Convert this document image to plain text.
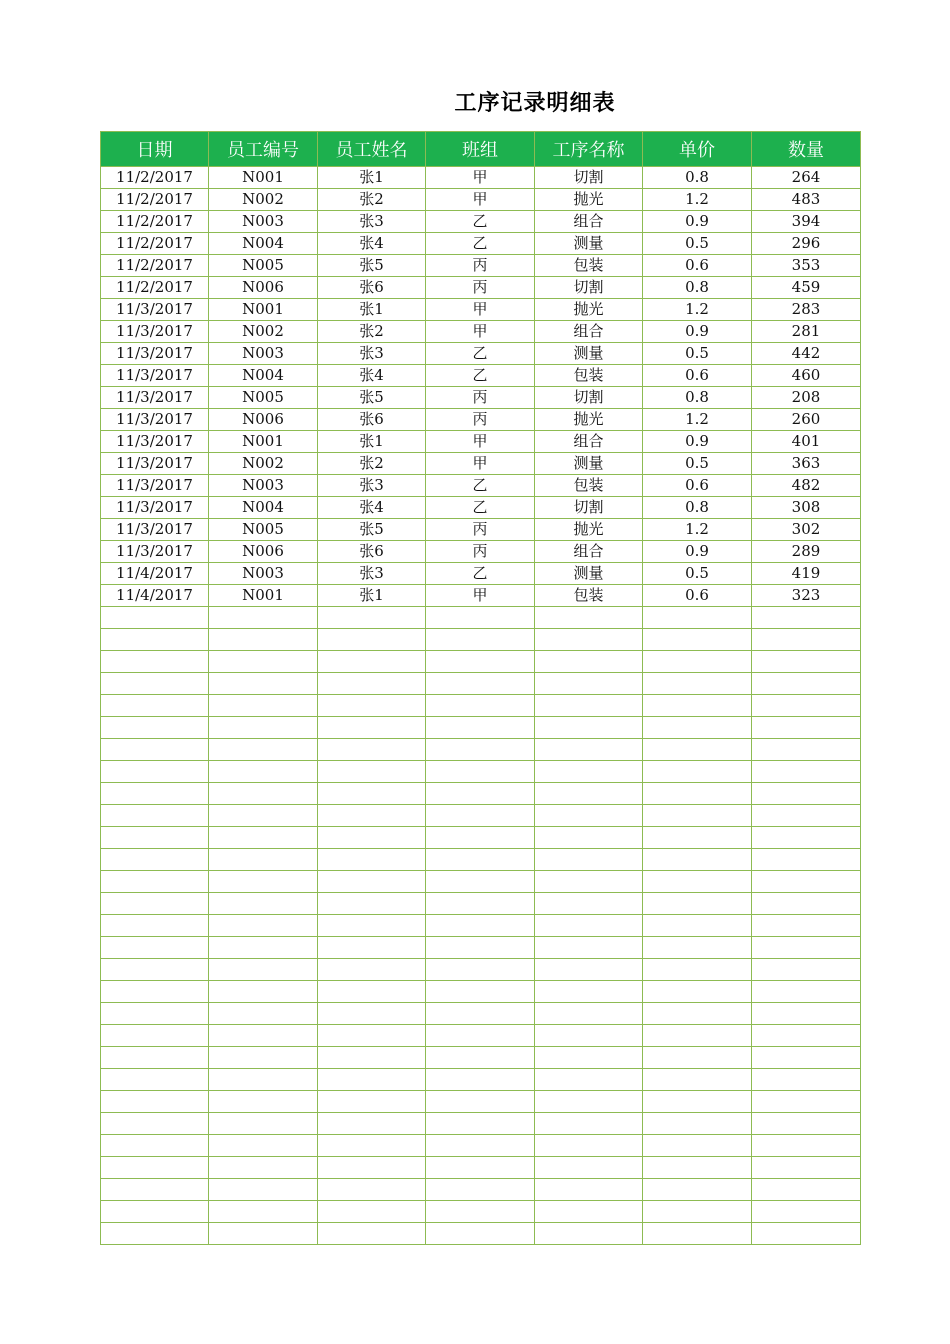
工序记录明细表
日期	员工编号	员工姓名	班组	工序名称	单价	数量
11/2/2017	N001	张1	甲	切割	0.8	264
11/2/2017	N002	张2	甲	抛光	1.2	483
11/2/2017	N003	张3	乙	组合	0.9	394
11/2/2017	N004	张4	乙	测量	0.5	296
11/2/2017	N005	张5	丙	包装	0.6	353
11/2/2017	N006	张6	丙	切割	0.8	459
11/3/2017	N001	张1	甲	抛光	1.2	283
11/3/2017	N002	张2	甲	组合	0.9	281
11/3/2017	N003	张3	乙	测量	0.5	442
11/3/2017	N004	张4	乙	包装	0.6	460
11/3/2017	N005	张5	丙	切割	0.8	208
11/3/2017	N006	张6	丙	抛光	1.2	260
11/3/2017	N001	张1	甲	组合	0.9	401
11/3/2017	N002	张2	甲	测量	0.5	363
11/3/2017	N003	张3	乙	包装	0.6	482
11/3/2017	N004	张4	乙	切割	0.8	308
11/3/2017	N005	张5	丙	抛光	1.2	302
11/3/2017	N006	张6	丙	组合	0.9	289
11/4/2017	N003	张3	乙	测量	0.5	419
11/4/2017	N001	张1	甲	包装	0.6	323
